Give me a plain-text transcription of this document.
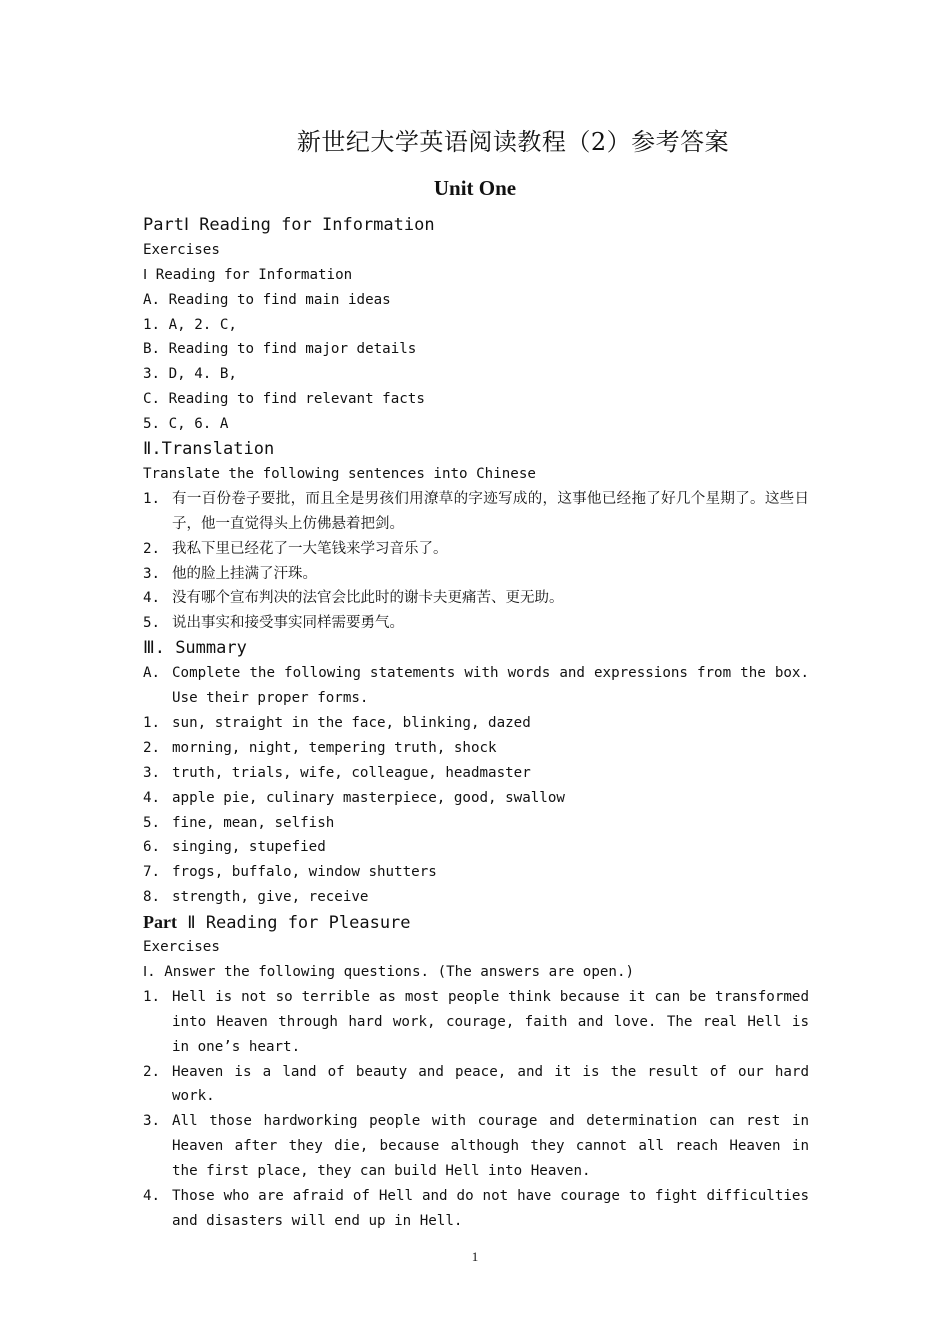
新世纪大学英语阅读教程（2）参考答案
Unit One
PartⅠ Reading for Information
Exercises
Ⅰ Reading for Information
A. Reading to find main ideas
1. A, 2. C,
B. Reading to find major details
3. D, 4. B,
C. Reading to find relevant facts
5. C, 6. A
Ⅱ.Translation
Translate the following sentences into Chinese
1. 有一百份卷子要批，而且全是男孩们用潦草的字迹写成的，这事他已经拖了好几个星期了。这些日子，他一直觉得头上仿佛悬着把剑。
2. 我私下里已经花了一大笔钱来学习音乐了。
3. 他的脸上挂满了汗珠。
4. 没有哪个宣布判决的法官会比此时的谢卡夫更痛苦、更无助。
5. 说出事实和接受事实同样需要勇气。
Ⅲ. Summary
A. Complete the following statements with words and expressions from the box. Use their proper forms.
1. sun, straight in the face, blinking, dazed
2. morning, night, tempering truth, shock
3. truth, trials, wife, colleague, headmaster
4. apple pie, culinary masterpiece, good, swallow
5. fine, mean, selfish
6. singing, stupefied
7. frogs, buffalo, window shutters
8. strength, give, receive
Part Ⅱ Reading for Pleasure
Exercises
Ⅰ. Answer the following questions. (The answers are open.)
1. Hell is not so terrible as most people think because it can be transformed into Heaven through hard work, courage, faith and love. The real Hell is in one’s heart.
2. Heaven is a land of beauty and peace, and it is the result of our hard work.
3. All those hardworking people with courage and determination can rest in Heaven after they die, because although they cannot all reach Heaven in the first place, they can build Hell into Heaven.
4. Those who are afraid of Hell and do not have courage to fight difficulties and disasters will end up in Hell.
1
